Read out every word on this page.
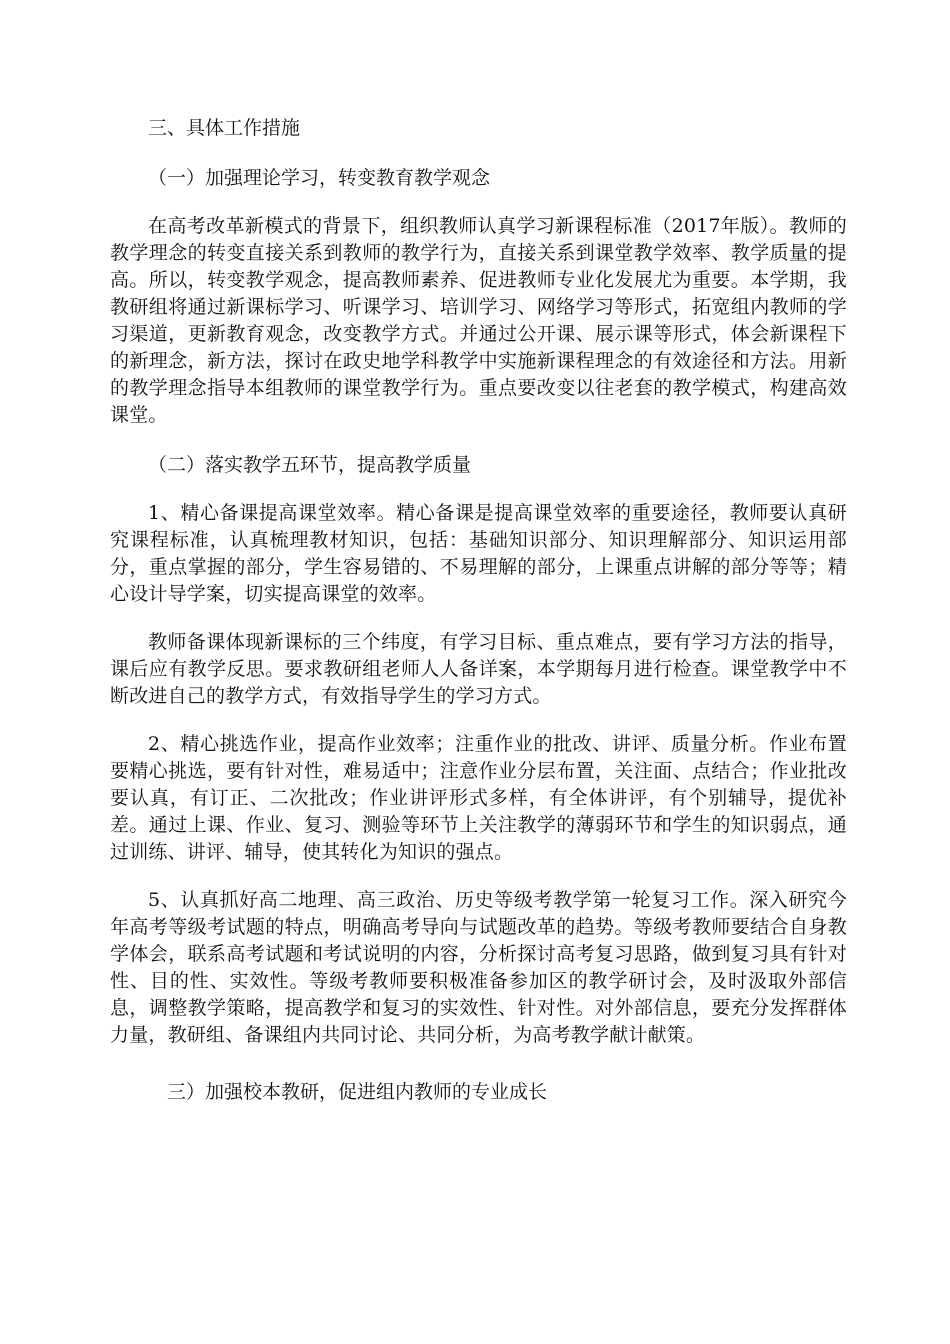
三、具体工作措施
（一）加强理论学习，转变教育教学观念

在高考改革新模式的背景下，组织教师认真学习新课程标准（2017年版）。教师的教学理念的转变直接关系到教师的教学行为，直接关系到课堂教学效率、教学质量的提高。所以，转变教学观念，提高教师素养、促进教师专业化发展尤为重要。本学期，我教研组将通过新课标学习、听课学习、培训学习、网络学习等形式，拓宽组内教师的学习渠道，更新教育观念，改变教学方式。并通过公开课、展示课等形式，体会新课程下的新理念，新方法，探讨在政史地学科教学中实施新课程理念的有效途径和方法。用新的教学理念指导本组教师的课堂教学行为。重点要改变以往老套的教学模式，构建高效课堂。

（二）落实教学五环节，提高教学质量

1、精心备课提高课堂效率。精心备课是提高课堂效率的重要途径，教师要认真研究课程标准，认真梳理教材知识，包括：基础知识部分、知识理解部分、知识运用部分，重点掌握的部分，学生容易错的、不易理解的部分，上课重点讲解的部分等等；精心设计导学案，切实提高课堂的效率。

教师备课体现新课标的三个纬度，有学习目标、重点难点，要有学习方法的指导，课后应有教学反思。要求教研组老师人人备详案，本学期每月进行检查。课堂教学中不断改进自己的教学方式，有效指导学生的学习方式。

2、精心挑选作业，提高作业效率；注重作业的批改、讲评、质量分析。作业布置要精心挑选，要有针对性，难易适中；注意作业分层布置，关注面、点结合；作业批改要认真，有订正、二次批改；作业讲评形式多样，有全体讲评，有个别辅导，提优补差。通过上课、作业、复习、测验等环节上关注教学的薄弱环节和学生的知识弱点，通过训练、讲评、辅导，使其转化为知识的强点。

5、认真抓好高二地理、高三政治、历史等级考教学第一轮复习工作。深入研究今年高考等级考试题的特点，明确高考导向与试题改革的趋势。等级考教师要结合自身教学体会，联系高考试题和考试说明的内容，分析探讨高考复习思路，做到复习具有针对性、目的性、实效性。等级考教师要积极准备参加区的教学研讨会，及时汲取外部信息，调整教学策略，提高教学和复习的实效性、针对性。对外部信息，要充分发挥群体力量，教研组、备课组内共同讨论、共同分析，为高考教学献计献策。

三）加强校本教研，促进组内教师的专业成长
